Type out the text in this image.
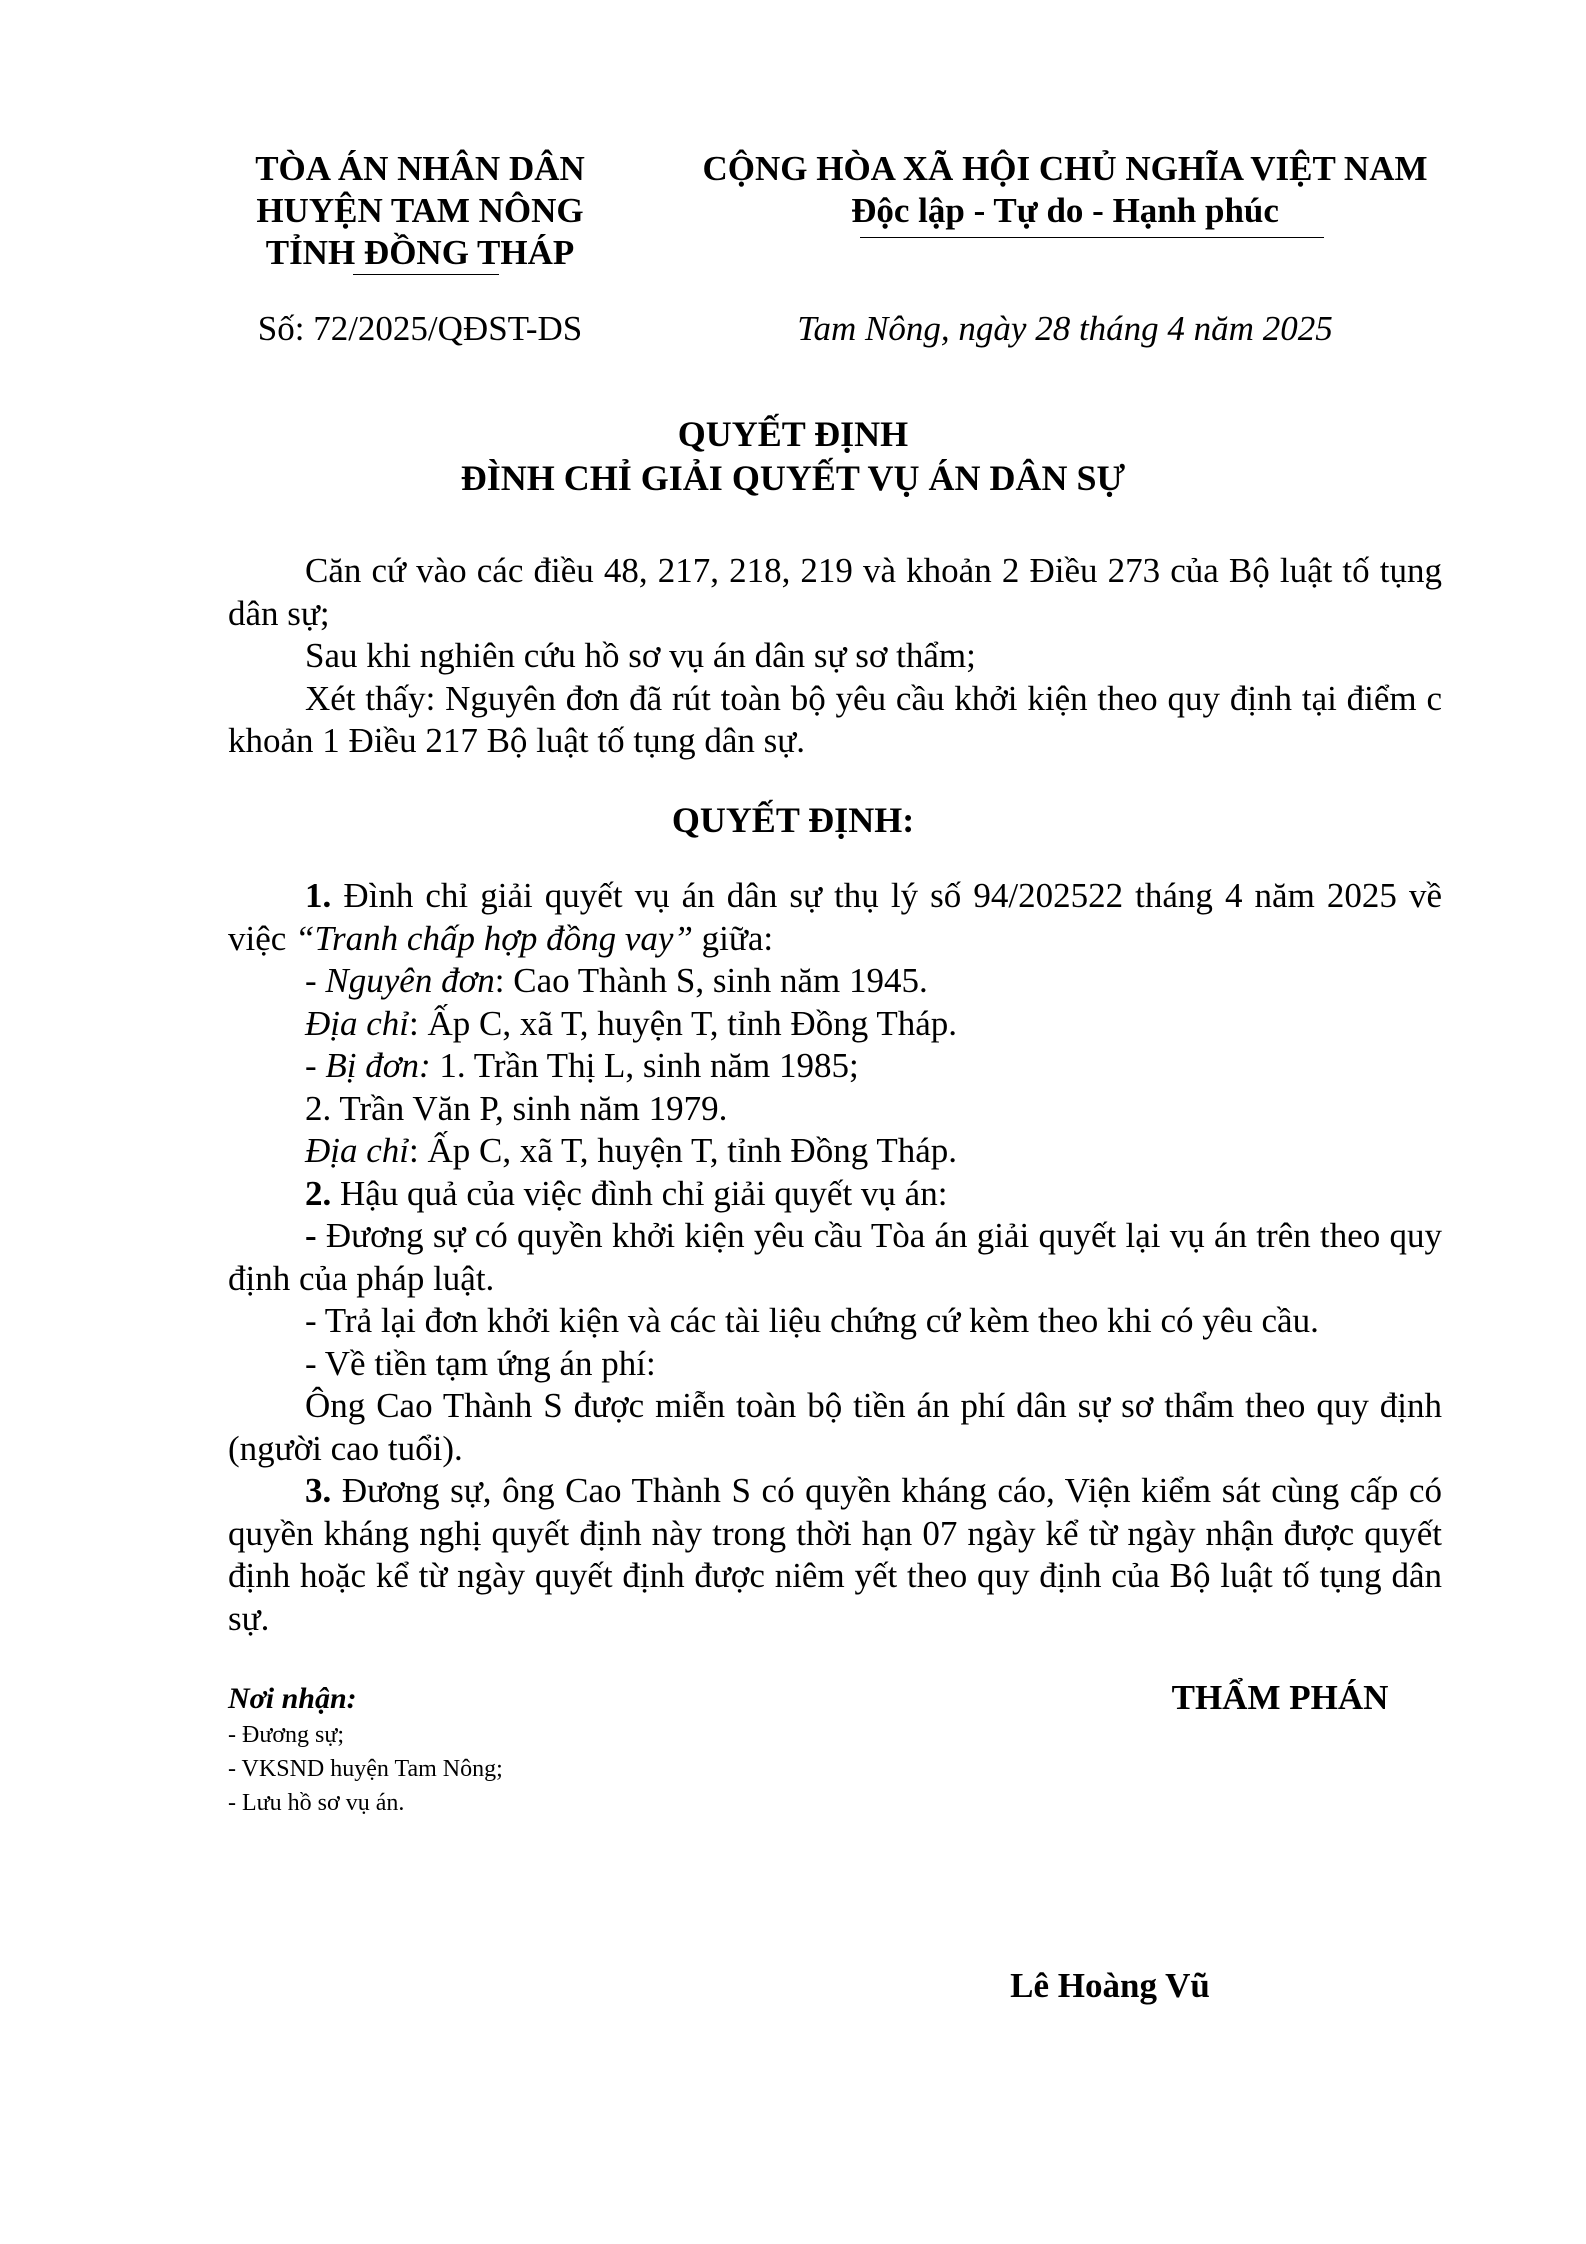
TÒA ÁN NHÂN DÂN
HUYỆN TAM NÔNG
TỈNH ĐỒNG THÁP
CỘNG HÒA XÃ HỘI CHỦ NGHĨA VIỆT NAM
Độc lập - Tự do - Hạnh phúc
Số: 72/2025/QĐST-DS	Tam Nông, ngày 28 tháng 4 năm 2025
QUYẾT ĐỊNH
ĐÌNH CHỈ GIẢI QUYẾT VỤ ÁN DÂN SỰ

Căn cứ vào các điều 48, 217, 218, 219 và khoản 2 Điều 273 của Bộ luật tố tụng dân sự;

Sau khi nghiên cứu hồ sơ vụ án dân sự sơ thẩm;

Xét thấy: Nguyên đơn đã rút toàn bộ yêu cầu khởi kiện theo quy định tại điểm c khoản 1 Điều 217 Bộ luật tố tụng dân sự.

QUYẾT ĐỊNH:

1. Đình chỉ giải quyết vụ án dân sự thụ lý số 94/202522 tháng 4 năm 2025 về việc “Tranh chấp hợp đồng vay” giữa:

- Nguyên đơn: Cao Thành S, sinh năm 1945.

Địa chỉ: Ấp C, xã T, huyện T, tỉnh Đồng Tháp.

- Bị đơn: 1. Trần Thị L, sinh năm 1985;

2. Trần Văn P, sinh năm 1979.

Địa chỉ: Ấp C, xã T, huyện T, tỉnh Đồng Tháp.

2. Hậu quả của việc đình chỉ giải quyết vụ án:

- Đương sự có quyền khởi kiện yêu cầu Tòa án giải quyết lại vụ án trên theo quy định của pháp luật.

- Trả lại đơn khởi kiện và các tài liệu chứng cứ kèm theo khi có yêu cầu.

- Về tiền tạm ứng án phí:

Ông Cao Thành S được miễn toàn bộ tiền án phí dân sự sơ thẩm theo quy định (người cao tuổi).

3. Đương sự, ông Cao Thành S có quyền kháng cáo, Viện kiểm sát cùng cấp có quyền kháng nghị quyết định này trong thời hạn 07 ngày kể từ ngày nhận được quyết định hoặc kể từ ngày quyết định được niêm yết theo quy định của Bộ luật tố tụng dân sự.

Nơi nhận:
- Đương sự;
- VKSND huyện Tam Nông;
- Lưu hồ sơ vụ án.
THẨM PHÁN
Lê Hoàng Vũ
